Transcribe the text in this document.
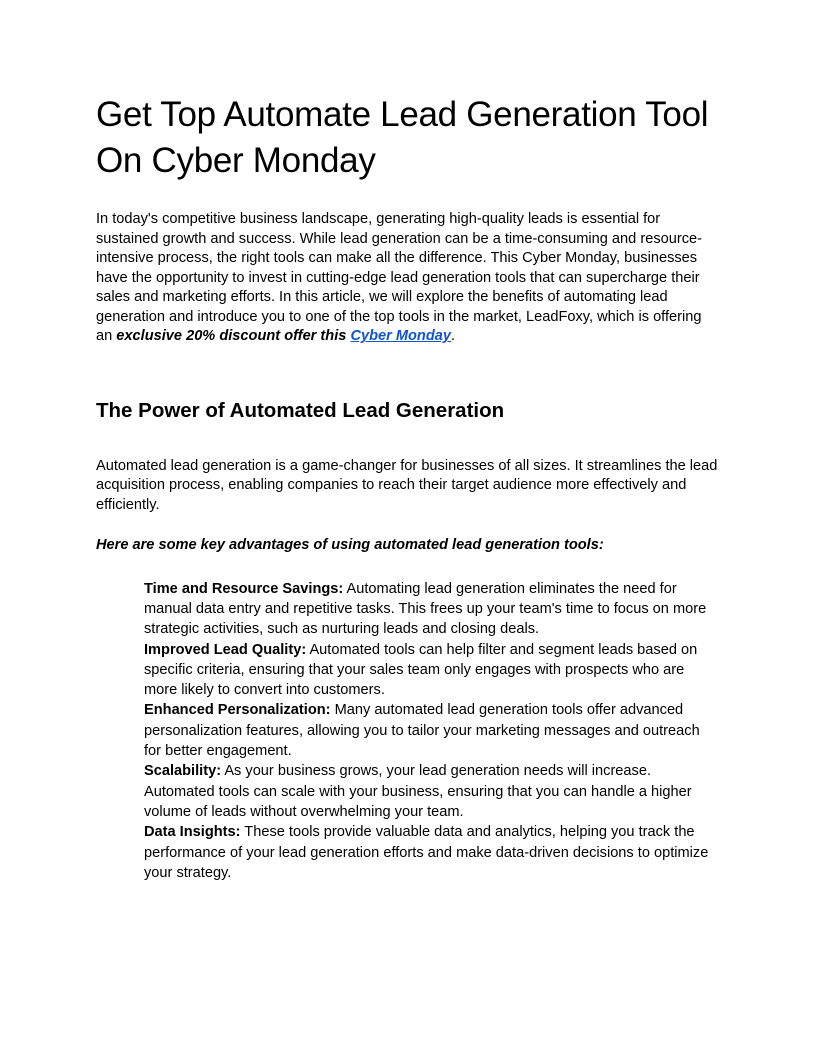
Get Top Automate Lead Generation Tool On Cyber Monday

In today's competitive business landscape, generating high-quality leads is essential for sustained growth and success. While lead generation can be a time-consuming and resource-intensive process, the right tools can make all the difference. This Cyber Monday, businesses have the opportunity to invest in cutting-edge lead generation tools that can supercharge their sales and marketing efforts. In this article, we will explore the benefits of automating lead generation and introduce you to one of the top tools in the market, LeadFoxy, which is offering an exclusive 20% discount offer this Cyber Monday.

The Power of Automated Lead Generation

Automated lead generation is a game-changer for businesses of all sizes. It streamlines the lead acquisition process, enabling companies to reach their target audience more effectively and efficiently.

Here are some key advantages of using automated lead generation tools:

Time and Resource Savings: Automating lead generation eliminates the need for manual data entry and repetitive tasks. This frees up your team's time to focus on more strategic activities, such as nurturing leads and closing deals.
Improved Lead Quality: Automated tools can help filter and segment leads based on specific criteria, ensuring that your sales team only engages with prospects who are more likely to convert into customers.
Enhanced Personalization: Many automated lead generation tools offer advanced personalization features, allowing you to tailor your marketing messages and outreach for better engagement.
Scalability: As your business grows, your lead generation needs will increase. Automated tools can scale with your business, ensuring that you can handle a higher volume of leads without overwhelming your team.
Data Insights: These tools provide valuable data and analytics, helping you track the performance of your lead generation efforts and make data-driven decisions to optimize your strategy.
